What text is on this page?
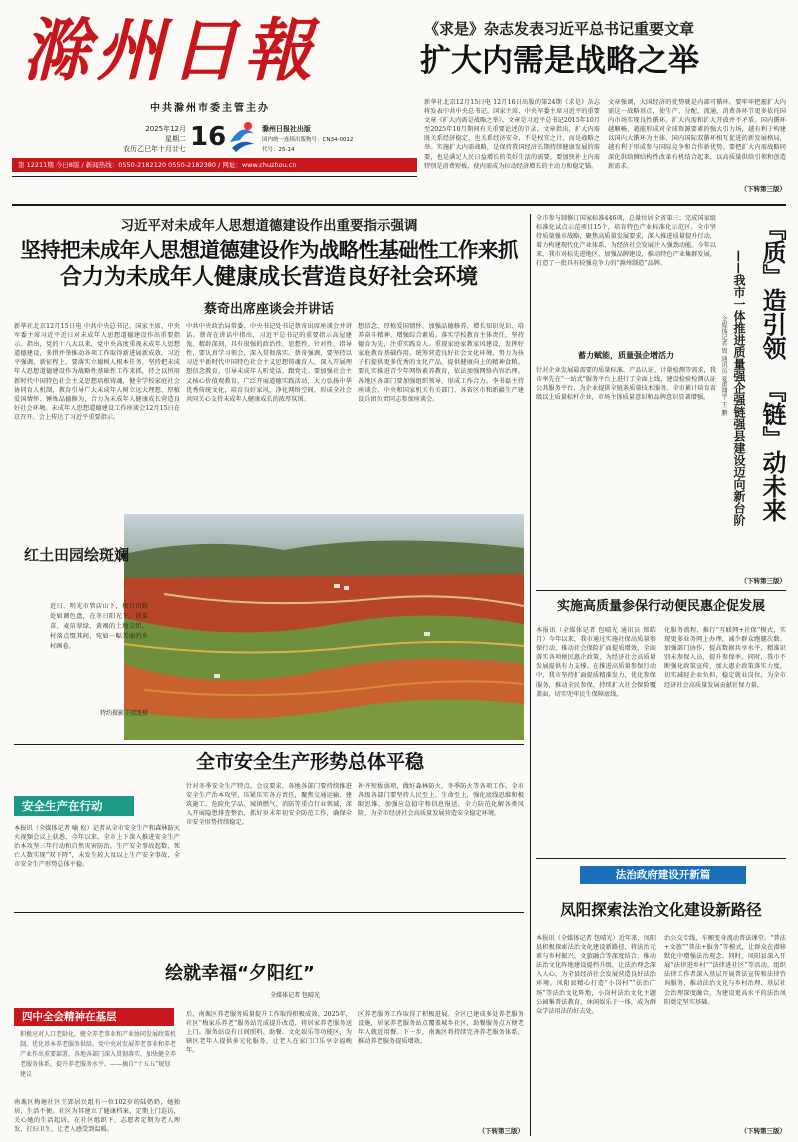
滁州日報
中共滁州市委主管主办
2025年12月
星期二
农历乙巳年十月廿七 16	滁州日报社出版
国内统一连续出版物号：CN34-0012
代号：25-14
《求是》杂志发表习近平总书记重要文章
扩大内需是战略之举
新华社北京12月15日电 12月16日出版的第24期《求是》杂志将发表中共中央总书记、国家主席、中央军委主席习近平的重要文章《扩大内需是战略之举》。文章是习近平总书记2015年10月至2025年10月期间有关重要论述的节录。文章指出，扩大内需既关系经济稳定，也关系经济安全，不是权宜之计，而是战略之举。实施扩大内需战略，是保持我国经济长期持续健康发展的需要，也是满足人民日益增长的美好生活的需要。要加快补上内需特别是消费短板，使内需成为拉动经济增长的主动力和稳定锚。
文章强调，大国经济的优势就是内部可循环。要牢牢把握扩大内需这一战略基点，使生产、分配、流通、消费各环节更多依托国内市场实现良性循环。扩大内需和扩大开放并不矛盾。国内循环越顺畅，越能形成对全球资源要素的强大引力场，越有利于构建以国内大循环为主体、国内国际双循环相互促进的新发展格局，越有利于形成参与国际竞争和合作新优势。要把扩大内需战略同深化供给侧结构性改革有机结合起来，以高质量供给引领和创造新需求。
（下转第三版）
第 12211期 今日8版 / 新闻热线：0550-2182120 0550-2182380 / 网址：www.chuzhou.cn
习近平对未成年人思想道德建设作出重要指示强调
坚持把未成年人思想道德建设作为战略性基础性工作来抓
合力为未成年人健康成长营造良好社会环境
蔡奇出席座谈会并讲话
新华社北京12月15日电 中共中央总书记、国家主席、中央军委主席习近平近日对未成年人思想道德建设作出重要指示。指出，党的十八大以来，党中央高度重视未成年人思想道德建设，多措并举推动各项工作取得新进展新成效。习近平强调，新征程上，要落实立德树人根本任务，坚持把未成年人思想道德建设作为战略性基础性工作来抓，持之以恒用新时代中国特色社会主义思想培根铸魂，健全学校家庭社会协同育人机制，教育引导广大未成年人树立远大理想、厚植爱国情怀、锤炼品德修为，合力为未成年人健康成长营造良好社会环境。未成年人思想道德建设工作座谈会12月15日在京召开。会上传达了习近平重要指示。
中共中央政治局常委、中央书记处书记蔡奇出席座谈会并讲话。蔡奇在讲话中指出，习近平总书记的重要指示高屋建瓴、精辟深刻，具有很强的政治性、思想性、针对性、指导性，要认真学习领会、深入贯彻落实。蔡奇强调，要坚持以习近平新时代中国特色社会主义思想铸魂育人，深入开展理想信念教育，引导未成年人听党话、跟党走。要加强社会主义核心价值观教育，广泛开展道德实践活动，大力弘扬中华优秀传统文化，培育良好家风，净化网络空间，形成全社会共同关心支持未成年人健康成长的浓厚氛围。
想信念、厚植爱国情怀、加强品德修养、增长知识见识、培养奋斗精神、增强综合素质。落实学校教育主体责任，坚持德育为先，注重实践育人。重视家庭家教家风建设，发挥好家庭教育基础作用。统筹营造良好社会文化环境，努力为孩子们提供更多优秀的文化产品，提供健康向上的精神食粮。要扎实推进青少年网络素养教育，依法加强网络内容治理。各地区各部门要加强组织领导，形成工作合力。李书磊主持座谈会。中央和国家机关有关部门、各省区市和新疆生产建设兵团负责同志参加座谈会。
红土田园绘斑斓
近日，明光市管店山下，极目田野处如调色盘，在冬日阳光下，油菜苗、麦苗翠绿、黄褐的土地交织，村落点缀其间，宛如一幅美丽的乡村画卷。
特约摄影王靖波摄
全市安全生产形势总体平稳
安全生产在行动
本报讯（全媒体记者 喻 松）记者从全市安全生产和森林防灭火视频会议上获悉，今年以来，全市上下深入推进安全生产治本攻坚三年行动和自然灾害防治，生产安全事故起数、死亡人数实现“双下降”，未发生较大及以上生产安全事故，全市安全生产形势总体平稳。
针对冬季安全生产特点，会议要求，各地各部门要持续推进安全生产治本攻坚，压紧压实各方责任，聚焦交通运输、建筑施工、危险化学品、城镇燃气、消防等重点行业领域，深入开展隐患排查整治，抓好岁末年初安全防范工作，确保全市安全形势持续稳定。
补齐短板弱项，做好森林防火、冬季防火等各项工作。全市各级各部门要坚持人民至上、生命至上，强化底线思维和极限思维，加强应急值守和信息报送，全力防范化解各类风险，为全市经济社会高质量发展营造安全稳定环境。
绘就幸福“夕阳红”
全媒体记者 包晴光
四中全会精神在基层
积极应对人口老龄化，健全养老事业和产业协同发展政策机制，优化基本养老服务供给。党中央对发展养老事业和养老产业作出重要部署，各地各部门深入贯彻落实，加快健全养老服务体系，提升养老服务水平。——摘自“十五五”规划建议
南谯区梅塘社区王郢居民组有一位102岁的陆奶奶，她独居，生活不便。社区为其建立了健康档案，定期上门巡访，关心她的生活起居。在社区组织下，志愿者定期为老人理发、打扫卫生，让老人感受到温暖。
后，南谯区养老服务质量提升工作取得积极成效。2025年，社区“梅家乐养老”服务站完成提升改造，将居家养老服务送上门。服务站设有日间照料、助餐、文化娱乐等功能区，为辖区老年人提供多元化服务，让老人在家门口乐享幸福晚年。
区养老服务工作取得了积极进展。全区已建成多处养老服务设施，居家养老服务站点覆盖城乡社区，助餐服务点方便老年人就近用餐。下一步，南谯区将持续完善养老服务体系，推动养老服务提质增效。
（下转第三版）
全市参与制修订国家标准446项，总量位居全省第三；完成国家级标准化试点示范项目15个，培育特色产业标准化示范区。全市坚持质量强市战略，聚焦高质量发展要求，深入推进质量提升行动，着力构建现代化产业体系，为经济社会发展注入强劲动能。今年以来，我市对标先进地区，加强品牌建设，推动特色产业集群发展，打造了一批具有较强竞争力的“滁州制造”品牌。
蓄力赋能，质量强企增活力
针对企业发展最需要的质量标准、产品认证、计量检测等需求，我市率先在“一站式”服务平台上进行了全面上线，建设检验检测认证公共服务平台，为企业提供全链条质量技术服务。全市累计培育省级以上质量标杆企业，市场主体质量意识和品牌意识显著增强。
（下转第三版）
『质』造引领
『链』动未来
——我市一体推进质量强企强链强县建设迈向新台阶
全媒体记者 毁 通讯员 夏甫翔宇 王 鹏
实施高质量参保行动便民惠企促发展
本报讯（全媒体记者 包晴光 通讯员 郑皓月）今年以来，我市通过实施社保高质量参保行动，推动社会保险扩面提质增效，全面落实各项便民惠企政策，为经济社会高质量发展提供有力支撑。在推进高质量参保行动中，我市坚持扩面提质精准发力，优化参保服务，推动全民参保，持续扩大社会保险覆盖面，切实兜牢民生保障底线。
化服务流程，推行“互联网+社保”模式，实现更多业务网上办理，减少群众跑腿次数。加强部门协作，提高数据共享水平，精准识别未参保人员，提升参保率。同时，我市不断强化政策宣传，加大惠企政策落实力度，切实减轻企业负担，稳定就业岗位，为全市经济社会高质量发展贡献社保力量。
法治政府建设开新篇
凤阳探索法治文化建设新路径
本报讯（全媒体记者 包晴光）近年来，凤阳县积极探索法治文化建设新路径，将法治元素与乡村振兴、文旅融合等深度结合，推动法治文化阵地建设提档升级，让法治理念深入人心，为全县经济社会发展营造良好法治环境。凤阳县精心打造“小岗村”“法治广场”等法治文化阵地，小岗村法治文化主题公园集普法教育、休闲娱乐于一体，成为群众学法用法的好去处。
治公交专线，车厢变身流动普法课堂。“普法+文旅”“普法+服务”等模式，让群众在潜移默化中增强法治观念。同时，凤阳县深入开展“法律进乡村”“法律进社区”等活动，组织法律工作者深入基层开展普法宣传和法律咨询服务，推动法治文化与乡村治理、基层社会治理深度融合，为建设更高水平的法治凤阳奠定坚实基础。
（下转第三版）
